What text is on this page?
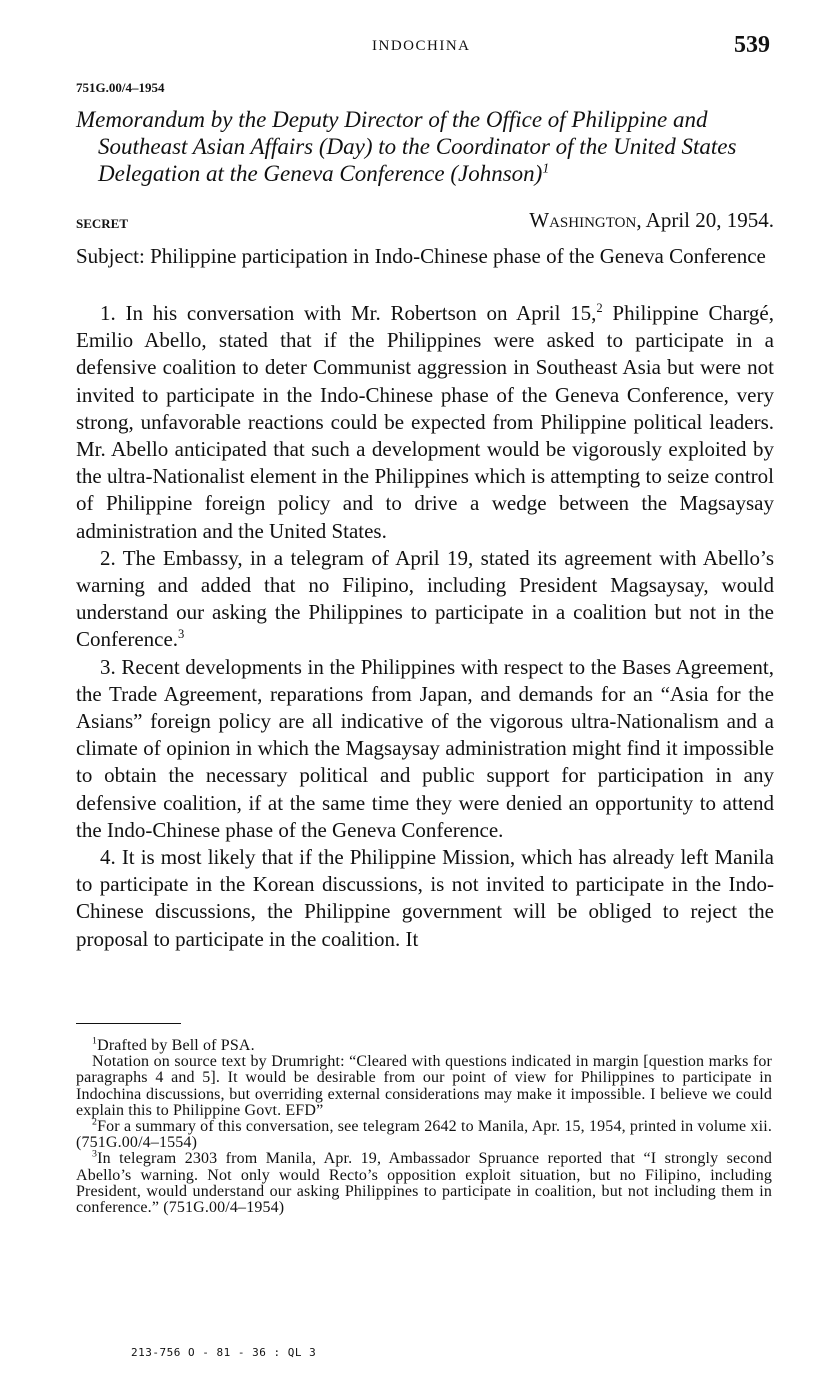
INDOCHINA	539
751G.00/4–1954
Memorandum by the Deputy Director of the Office of Philippine and Southeast Asian Affairs (Day) to the Coordinator of the United States Delegation at the Geneva Conference (Johnson)$^1$
SECRET	Washington, April 20, 1954.
Subject: Philippine participation in Indo-Chinese phase of the Geneva Conference

1. In his conversation with Mr. Robertson on April 15,$^2$ Philippine Chargé, Emilio Abello, stated that if the Philippines were asked to participate in a defensive coalition to deter Communist aggression in Southeast Asia but were not invited to participate in the Indo-Chinese phase of the Geneva Conference, very strong, unfavorable reactions could be expected from Philippine political leaders. Mr. Abello anticipated that such a development would be vigorously exploited by the ultra-Nationalist element in the Philippines which is attempting to seize control of Philippine foreign policy and to drive a wedge between the Magsaysay administration and the United States.

2. The Embassy, in a telegram of April 19, stated its agreement with Abello’s warning and added that no Filipino, including President Magsaysay, would understand our asking the Philippines to participate in a coalition but not in the Conference.$^3$

3. Recent developments in the Philippines with respect to the Bases Agreement, the Trade Agreement, reparations from Japan, and demands for an “Asia for the Asians” foreign policy are all indicative of the vigorous ultra-Nationalism and a climate of opinion in which the Magsaysay administration might find it impossible to obtain the necessary political and public support for participation in any defensive coalition, if at the same time they were denied an opportunity to attend the Indo-Chinese phase of the Geneva Conference.

4. It is most likely that if the Philippine Mission, which has already left Manila to participate in the Korean discussions, is not invited to participate in the Indo-Chinese discussions, the Philippine government will be obliged to reject the proposal to participate in the coalition. It

$^1$Drafted by Bell of PSA.

Notation on source text by Drumright: “Cleared with questions indicated in margin [question marks for paragraphs 4 and 5]. It would be desirable from our point of view for Philippines to participate in Indochina discussions, but overriding external considerations may make it impossible. I believe we could explain this to Philippine Govt. EFD”

$^2$For a summary of this conversation, see telegram 2642 to Manila, Apr. 15, 1954, printed in volume xii. (751G.00/4–1554)

$^3$In telegram 2303 from Manila, Apr. 19, Ambassador Spruance reported that “I strongly second Abello’s warning. Not only would Recto’s opposition exploit situation, but no Filipino, including President, would understand our asking Philippines to participate in coalition, but not including them in conference.” (751G.00/4–1954)

213-756 O - 81 - 36 : QL 3
